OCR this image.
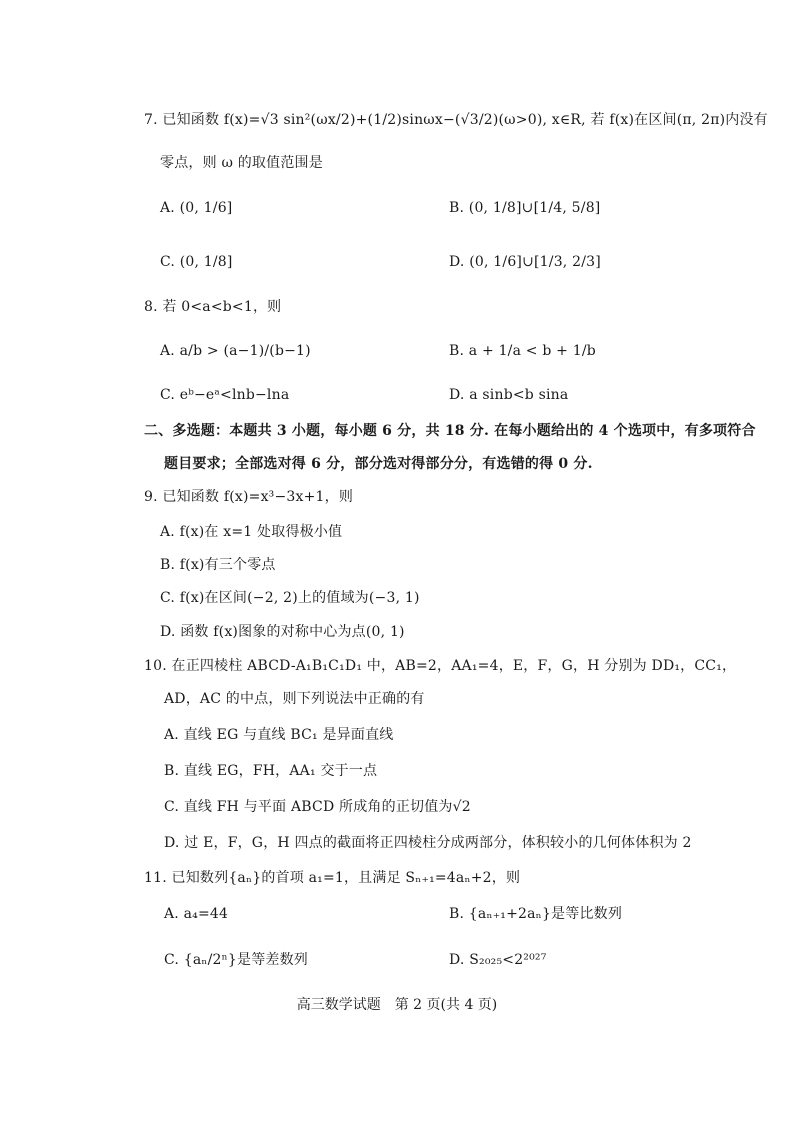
7. 已知函数 f(x)=√3 sin²(ωx/2)+(1/2)sinωx−(√3/2)(ω>0), x∈R, 若 f(x)在区间(π, 2π)内没有
零点，则 ω 的取值范围是
A. (0, 1/6]	B. (0, 1/8]∪[1/4, 5/8]
C. (0, 1/8]	D. (0, 1/6]∪[1/3, 2/3]
8. 若 0<a<b<1，则
A. a/b > (a−1)/(b−1)	B. a + 1/a < b + 1/b
C. eᵇ−eᵃ<lnb−lna	D. a sinb<b sina
二、多选题：本题共 3 小题，每小题 6 分，共 18 分. 在每小题给出的 4 个选项中，有多项符合
题目要求；全部选对得 6 分，部分选对得部分分，有选错的得 0 分.
9. 已知函数 f(x)=x³−3x+1，则
A. f(x)在 x=1 处取得极小值
B. f(x)有三个零点
C. f(x)在区间(−2, 2)上的值域为(−3, 1)
D. 函数 f(x)图象的对称中心为点(0, 1)
10. 在正四棱柱 ABCD-A₁B₁C₁D₁ 中，AB=2，AA₁=4，E，F，G，H 分别为 DD₁，CC₁，
AD，AC 的中点，则下列说法中正确的有
A. 直线 EG 与直线 BC₁ 是异面直线
B. 直线 EG，FH，AA₁ 交于一点
C. 直线 FH 与平面 ABCD 所成角的正切值为√2
D. 过 E，F，G，H 四点的截面将正四棱柱分成两部分，体积较小的几何体体积为 2
11. 已知数列{aₙ}的首项 a₁=1，且满足 Sₙ₊₁=4aₙ+2，则
A. a₄=44	B. {aₙ₊₁+2aₙ}是等比数列
C. {aₙ/2ⁿ}是等差数列	D. S₂₀₂₅<2²⁰²⁷
高三数学试题　第 2 页(共 4 页)
